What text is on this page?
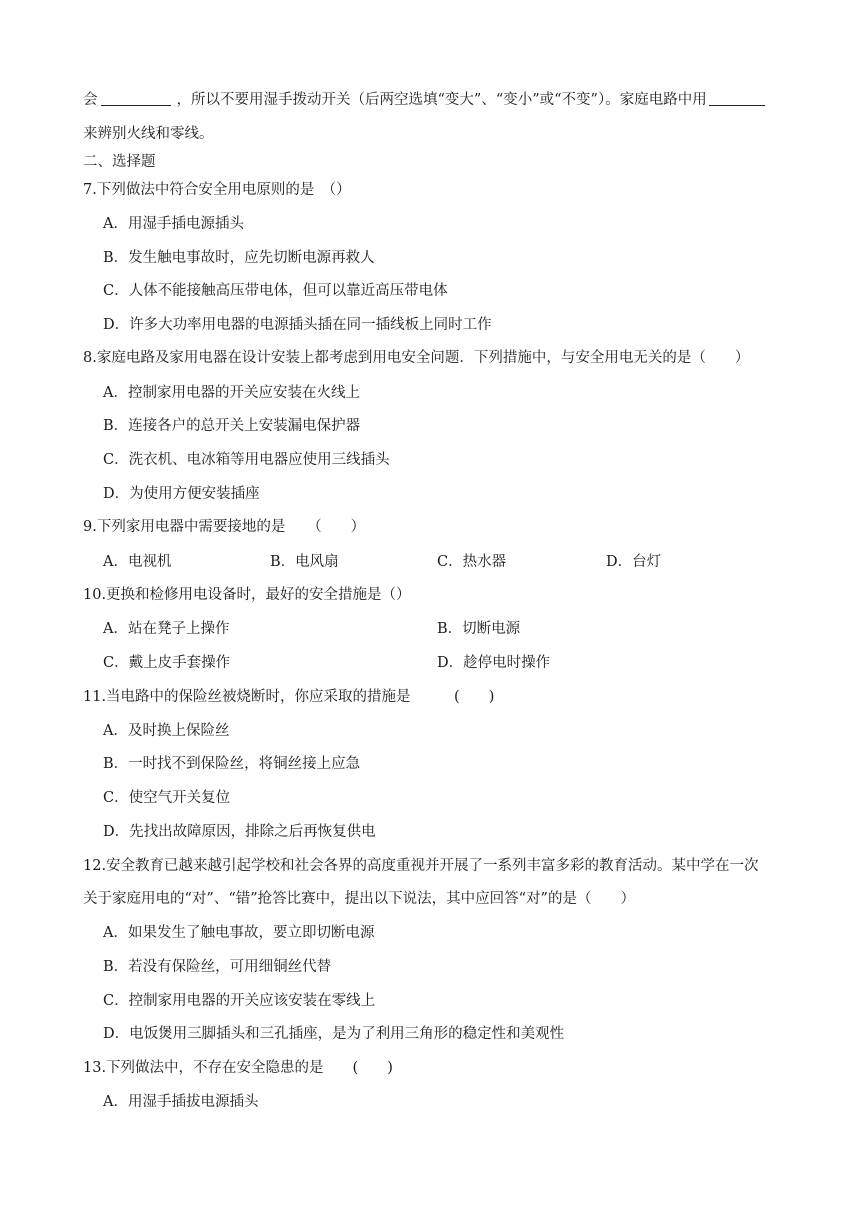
会	，所以不要用湿手拨动开关（后两空选填“变大”、“变小”或“不变”）。家庭电路中用
来辨别火线和零线。
二、选择题
7.下列做法中符合安全用电原则的是　（）
A．用湿手插电源插头
B．发生触电事故时，应先切断电源再救人
C．人体不能接触高压带电体，但可以靠近高压带电体
D．许多大功率用电器的电源插头插在同一插线板上同时工作
8.家庭电路及家用电器在设计安装上都考虑到用电安全问题．下列措施中，与安全用电无关的是（　　）
A．控制家用电器的开关应安装在火线上
B．连接各户的总开关上安装漏电保护器
C．洗衣机、电冰箱等用电器应使用三线插头
D．为使用方便安装插座
9.下列家用电器中需要接地的是　　（　　）
A．电视机	B．电风扇	C．热水器	D．台灯
10.更换和检修用电设备时，最好的安全措施是（）
A．站在凳子上操作	B．切断电源
C．戴上皮手套操作	D．趁停电时操作
11.当电路中的保险丝被烧断时，你应采取的措施是　　　(　　)
A．及时换上保险丝
B．一时找不到保险丝，将铜丝接上应急
C．使空气开关复位
D．先找出故障原因，排除之后再恢复供电
12.安全教育已越来越引起学校和社会各界的高度重视并开展了一系列丰富多彩的教育活动。某中学在一次
关于家庭用电的“对”、“错”抢答比赛中，提出以下说法，其中应回答“对”的是（　　）
A．如果发生了触电事故，要立即切断电源
B．若没有保险丝，可用细铜丝代替
C．控制家用电器的开关应该安装在零线上
D．电饭煲用三脚插头和三孔插座，是为了利用三角形的稳定性和美观性
13.下列做法中，不存在安全隐患的是　　(　　)
A．用湿手插拔电源插头
